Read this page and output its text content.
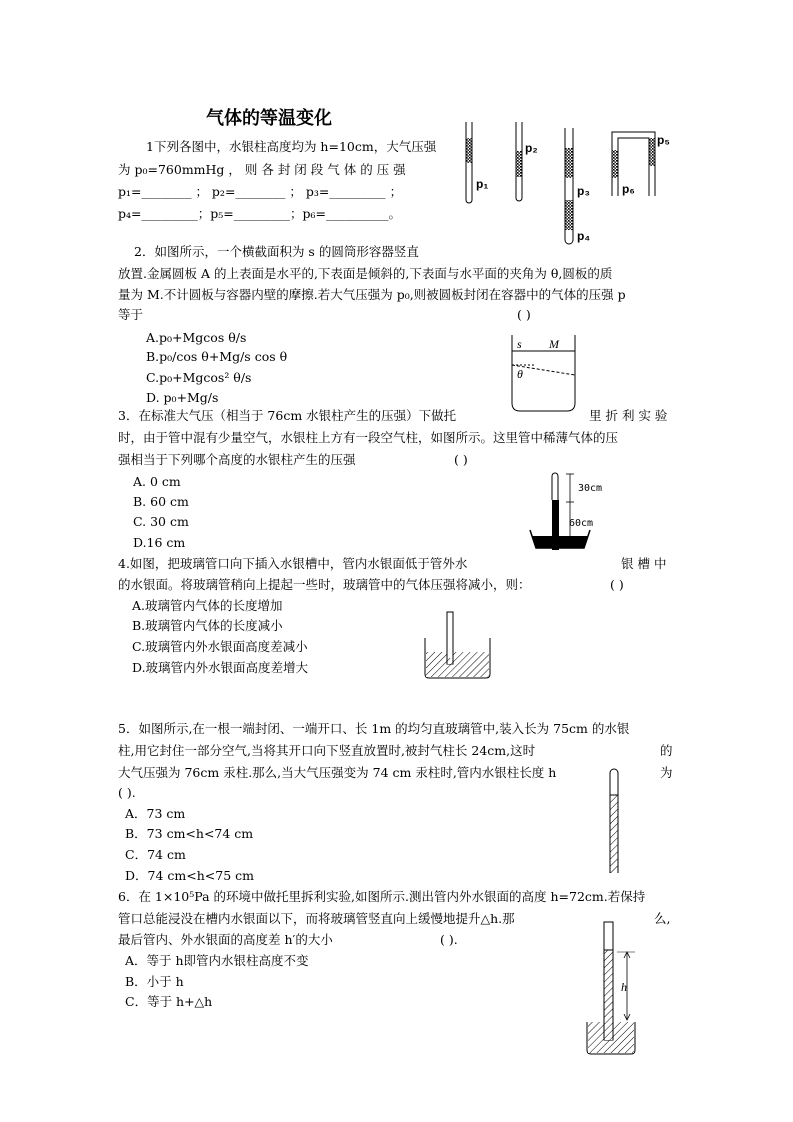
气体的等温变化
1下列各图中，水银柱高度均为 h=10cm，大气压强
为 p₀=760mmHg ， 则 各 封 闭 段 气 体 的 压 强
p₁=________ ； p₂=________ ； p₃=_________ ；
p₄=_________；p₅=_________；p₆=__________。
p₁
p₂
p₃
p₄
p₅
p₆
2．如图所示，一个横截面积为 s 的圆筒形容器竖直
放置.金属圆板 A 的上表面是水平的,下表面是倾斜的,下表面与水平面的夹角为 θ,圆板的质
量为 M.不计圆板与容器内壁的摩擦.若大气压强为 p₀,则被圆板封闭在容器中的气体的压强 p
等于	( )
A.p₀+Mgcos θ/s
B.p₀/cos θ+Mg/s cos θ
C.p₀+Mgcos² θ/s
D. p₀+Mg/s
s M
θ
3．在标准大气压（相当于 76cm 水银柱产生的压强）下做托	里 折 利 实 验
时，由于管中混有少量空气，水银柱上方有一段空气柱，如图所示。这里管中稀薄气体的压
强相当于下列哪个高度的水银柱产生的压强	( )
A. 0 cm
B. 60 cm
C. 30 cm
D.16 cm
30cm
60cm
4.如图，把玻璃管口向下插入水银槽中，管内水银面低于管外水	银 槽 中
的水银面。将玻璃管稍向上提起一些时，玻璃管中的气体压强将减小，则：	( )
A.玻璃管内气体的长度增加
B.玻璃管内气体的长度减小
C.玻璃管内外水银面高度差减小
D.玻璃管内外水银面高度差增大
5．如图所示,在一根一端封闭、一端开口、长 1m 的均匀直玻璃管中,装入长为 75cm 的水银
柱,用它封住一部分空气,当将其开口向下竖直放置时,被封气柱长 24cm,这时	的
大气压强为 76cm 汞柱.那么,当大气压强变为 74 cm 汞柱时,管内水银柱长度 h	为
( ).
A．73 cm
B．73 cm<h<74 cm
C．74 cm
D．74 cm<h<75 cm
6．在 1×10⁵Pa 的环境中做托里拆利实验,如图所示.测出管内外水银面的高度 h=72cm.若保持
管口总能浸没在槽内水银面以下，而将玻璃管竖直向上缓慢地提升△h.那	么,
最后管内、外水银面的高度差 h′的大小	( ).
A．等于 h即管内水银柱高度不变
B．小于 h
C．等于 h+△h
h
